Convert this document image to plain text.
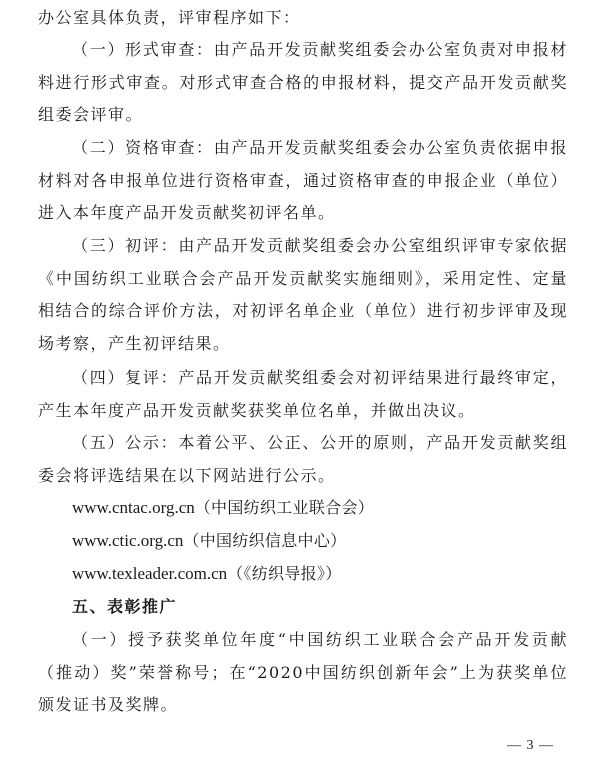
办公室具体负责，评审程序如下：

（一）形式审查：由产品开发贡献奖组委会办公室负责对申报材料进行形式审查。对形式审查合格的申报材料，提交产品开发贡献奖组委会评审。

（二）资格审查：由产品开发贡献奖组委会办公室负责依据申报材料对各申报单位进行资格审查，通过资格审查的申报企业（单位）进入本年度产品开发贡献奖初评名单。

（三）初评：由产品开发贡献奖组委会办公室组织评审专家依据《中国纺织工业联合会产品开发贡献奖实施细则》，采用定性、定量相结合的综合评价方法，对初评名单企业（单位）进行初步评审及现场考察，产生初评结果。

（四）复评：产品开发贡献奖组委会对初评结果进行最终审定，产生本年度产品开发贡献奖获奖单位名单，并做出决议。

（五）公示：本着公平、公正、公开的原则，产品开发贡献奖组委会将评选结果在以下网站进行公示。

www.cntac.org.cn（中国纺织工业联合会）

www.ctic.org.cn（中国纺织信息中心）

www.texleader.com.cn（《纺织导报》）

五、表彰推广

（一）授予获奖单位年度“中国纺织工业联合会产品开发贡献（推动）奖”荣誉称号；在“2020中国纺织创新年会”上为获奖单位颁发证书及奖牌。

— 3 —
